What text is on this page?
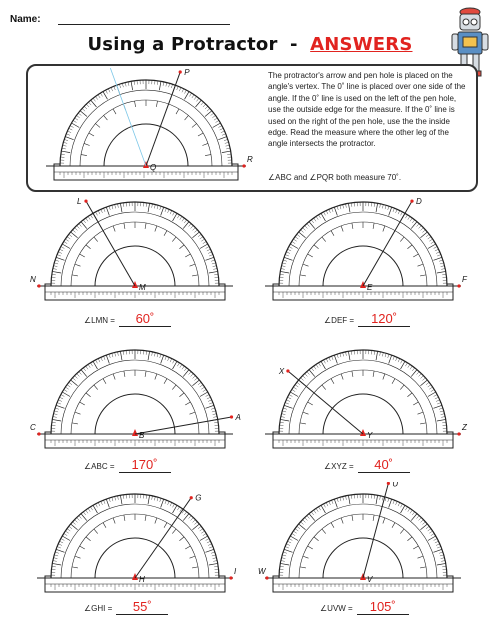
Name:
Using a Protractor - ANSWERS
The protractor's arrow and pen hole is placed on the angle's vertex. The 0˚ line is placed over one side of the angle. If the 0˚ line is used on the left of the pen hole, use the outside edge for the measure. If the 0˚ line is used on the right of the pen hole, use the the inside edge. Read the measure where the other leg of the angle intersects the protractor.
∠ABC and ∠PQR both measure 70˚.
R
Q
P
N
M
L
F
E
D
C
B
A
Z
Y
X
I
H
G
W
V
U
∠LMN = 60˚	∠DEF = 120˚
∠ABC = 170˚	∠XYZ = 40˚
∠GHI = 55˚	∠UVW = 105˚
